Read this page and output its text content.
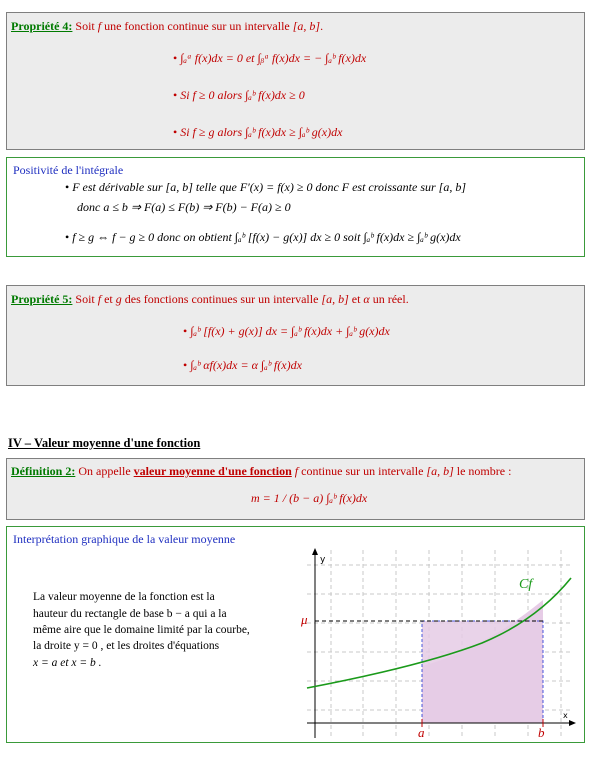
Propriété 4: Soit f une fonction continue sur un intervalle [a, b].
• ∫ₐᵃ f(x)dx = 0 et ∫ᵦᵃ f(x)dx = − ∫ₐᵇ f(x)dx
• Si f ≥ 0 alors ∫ₐᵇ f(x)dx ≥ 0
• Si f ≥ g alors ∫ₐᵇ f(x)dx ≥ ∫ₐᵇ g(x)dx
Positivité de l'intégrale
• F est dérivable sur [a, b] telle que F′(x) = f(x) ≥ 0 donc F est croissante sur [a, b]
donc a ≤ b ⇒ F(a) ≤ F(b) ⇒ F(b) − F(a) ≥ 0
• f ≥ g ⇔ f − g ≥ 0 donc on obtient ∫ₐᵇ [f(x) − g(x)] dx ≥ 0 soit ∫ₐᵇ f(x)dx ≥ ∫ₐᵇ g(x)dx
Propriété 5: Soit f et g des fonctions continues sur un intervalle [a, b] et α un réel.
• ∫ₐᵇ [f(x) + g(x)] dx = ∫ₐᵇ f(x)dx + ∫ₐᵇ g(x)dx
• ∫ₐᵇ αf(x)dx = α ∫ₐᵇ f(x)dx
IV – Valeur moyenne d'une fonction
Définition 2: On appelle valeur moyenne d'une fonction f continue sur un intervalle [a, b] le nombre :
m = 1 / (b − a) ∫ₐᵇ f(x)dx
Interprétation graphique de la valeur moyenne
La valeur moyenne de la fonction est la
hauteur du rectangle de base b − a qui a la
même aire que le domaine limité par la courbe,
la droite y = 0 , et les droites d'équations
x = a et x = b .
y
x
μ
Cf
a	b
